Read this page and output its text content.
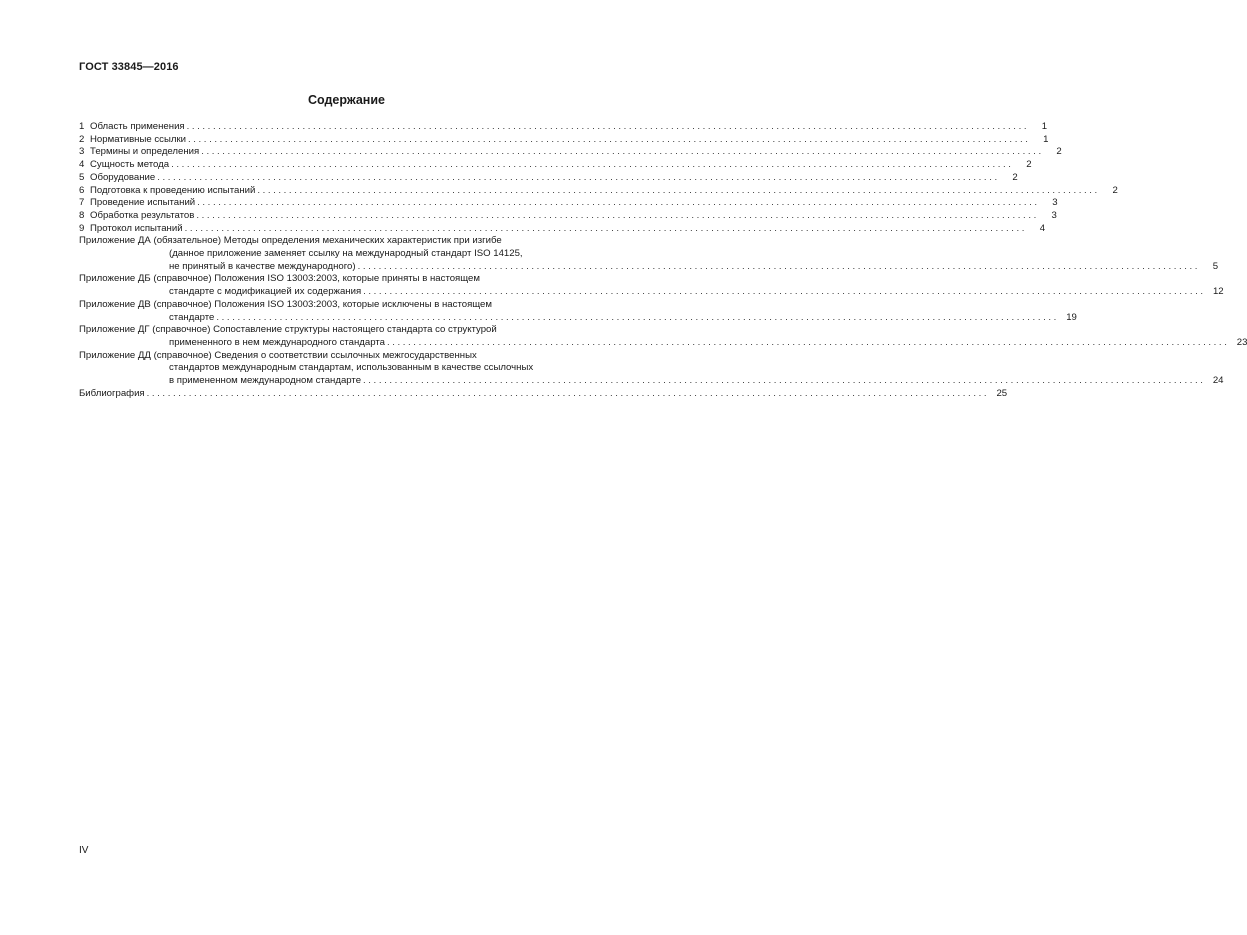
ГОСТ 33845—2016
Содержание
1 Область применения ................................................................................................................................................................	1
2 Нормативные ссылки ................................................................................................................................................................	1
3 Термины и определения ................................................................................................................................................................	2
4 Сущность метода ................................................................................................................................................................	2
5 Оборудование ................................................................................................................................................................	2
6 Подготовка к проведению испытаний ................................................................................................................................................................	2
7 Проведение испытаний ................................................................................................................................................................	3
8 Обработка результатов ................................................................................................................................................................	3
9 Протокол испытаний ................................................................................................................................................................	4
Приложение ДА (обязательное) Методы определения механических характеристик при изгибе
(данное приложение заменяет ссылку на международный стандарт ISO 14125,
не принятый в качестве международного) ................................................................................................................................................................	5
Приложение ДБ (справочное) Положения ISO 13003:2003, которые приняты в настоящем
стандарте с модификацией их содержания ................................................................................................................................................................ 12
Приложение ДВ (справочное) Положения ISO 13003:2003, которые исключены в настоящем
стандарте ................................................................................................................................................................ 19
Приложение ДГ (справочное) Сопоставление структуры настоящего стандарта со структурой
примененного в нем международного стандарта ................................................................................................................................................................ 23
Приложение ДД (справочное) Сведения о соответствии ссылочных межгосударственных
стандартов международным стандартам, использованным в качестве ссылочных
в примененном международном стандарте ................................................................................................................................................................ 24
Библиография ................................................................................................................................................................ 25
IV
